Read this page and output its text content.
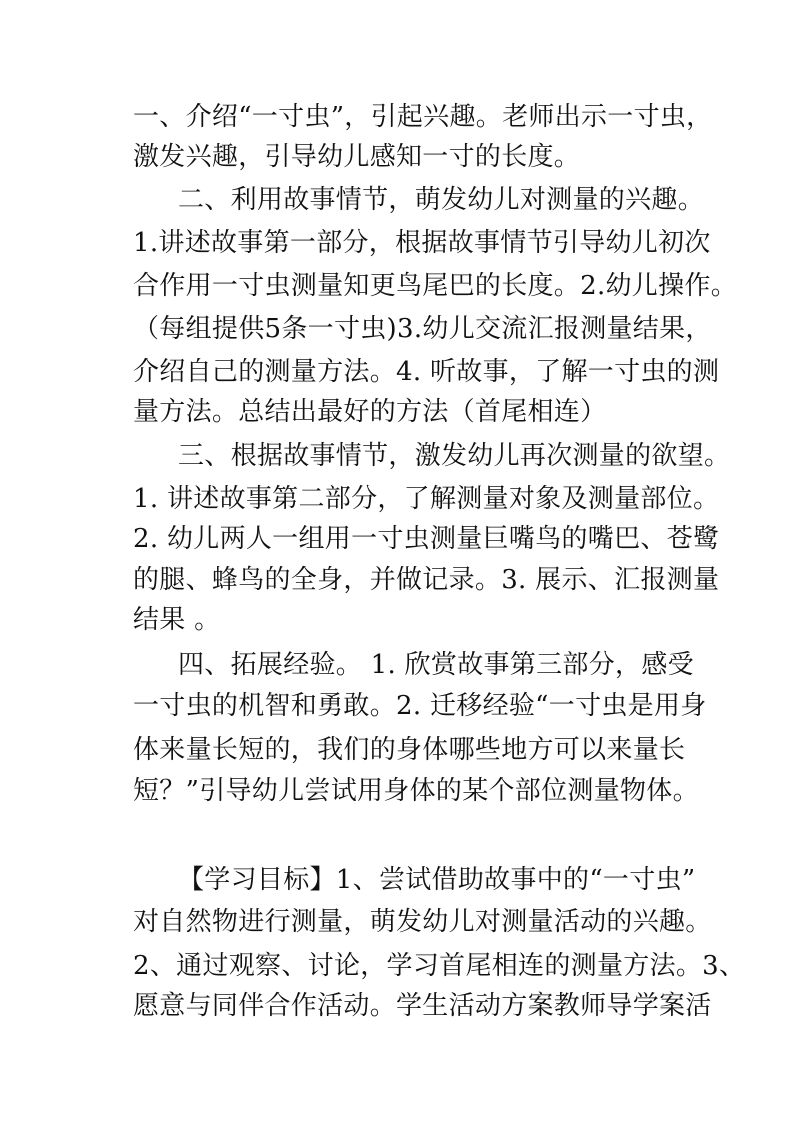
一、介绍“一寸虫”，引起兴趣。老师出示一寸虫，
激发兴趣，引导幼儿感知一寸的长度。
二、利用故事情节，萌发幼儿对测量的兴趣。
1.讲述故事第一部分，根据故事情节引导幼儿初次
合作用一寸虫测量知更鸟尾巴的长度。2.幼儿操作。
（每组提供5条一寸虫)3.幼儿交流汇报测量结果，
介绍自己的测量方法。4. 听故事，了解一寸虫的测
量方法。总结出最好的方法（首尾相连）
三、根据故事情节，激发幼儿再次测量的欲望。
1. 讲述故事第二部分，了解测量对象及测量部位。
2. 幼儿两人一组用一寸虫测量巨嘴鸟的嘴巴、苍鹭
的腿、蜂鸟的全身，并做记录。3. 展示、汇报测量
结果 。
四、拓展经验。 1. 欣赏故事第三部分，感受
一寸虫的机智和勇敢。2. 迁移经验“一寸虫是用身
体来量长短的，我们的身体哪些地方可以来量长
短？”引导幼儿尝试用身体的某个部位测量物体。
【学习目标】1、尝试借助故事中的“一寸虫”
对自然物进行测量，萌发幼儿对测量活动的兴趣。
2、通过观察、讨论，学习首尾相连的测量方法。3、
愿意与同伴合作活动。学生活动方案教师导学案活
